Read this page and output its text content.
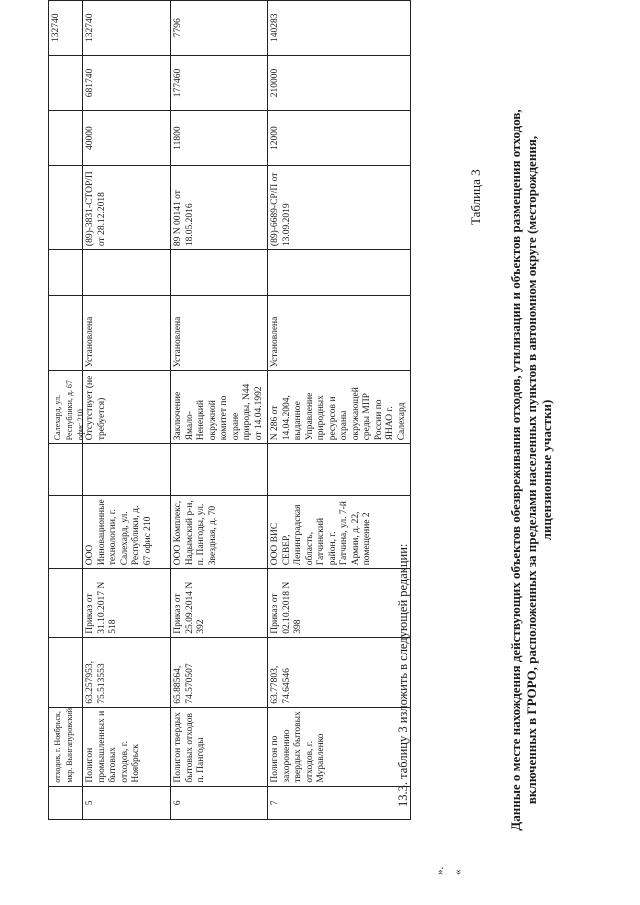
	отходов, г. Ноябрьск, мкр. Вынгапуровский					Салехард, ул. Республики, д. 67 офис 210						132740
5	Полигон промышленных и бытовых отходов, г. Ноябрьск	63.257953, 75.513553	Приказ от 31.10.2017 N 518	ООО Инновационные технологии, г. Салехард, ул. Республики, д. 67 офис 210		Отсутствует (не требуется)	Установлена		(89)-3831-СТОР/П от 28.12.2018	40000	681740	132740
6	Полигон твердых бытовых отходов п. Пангоды	65.88564, 74.570507	Приказ от 25.09.2014 N 392	ООО Комплекс, Надымский р-н, п. Пангоды, ул. Звездная, д. 70		Заключение Ямало-Ненецкий окружной комитет по охране природы, N44 от 14.04.1992	Установлена		89 N 00141 от 18.05.2016	11800	177460	7796
7	Полигон по захоронению твердых бытовых отходов, г. Муравленко	63.77803, 74.64546	Приказ от 02.10.2018 N 398	ООО ВИС СЕВЕР, Ленинградская область, Гатчинский район, г. Гатчина, ул. 7-й Армии, д. 22, помещение 2		N 286 от 14.04.2004, выданное Управление природных ресурсов и охраны окружающей среды МПР России по ЯНАО г. Салехард	Установлена		(89)-6689-СР/П от 13.09.2019	12000	210000	140283
».
13.3. таблицу 3 изложить в следующей редакции:
«
Таблица 3 Данные о месте нахождения действующих объектов обезвреживания отходов, утилизации и объектов размещения отходов, включенных в ГРОРО, расположенных за пределами населенных пунктов в автономном округе (месторождения, лицензионные участки)
